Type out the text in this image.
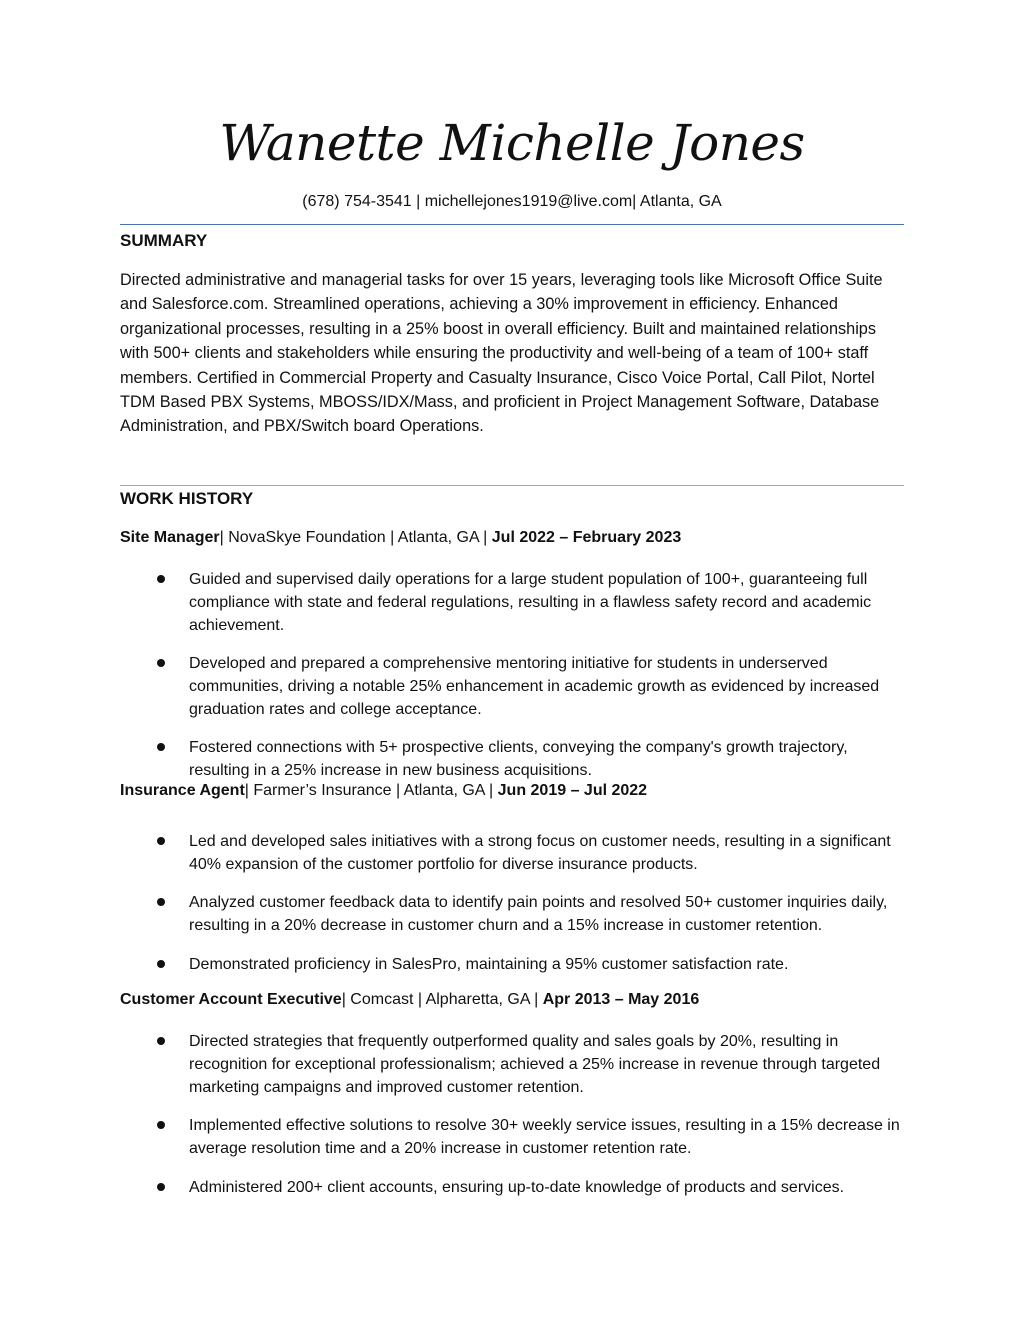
Wanette Michelle Jones
(678) 754-3541 | michellejones1919@live.com| Atlanta, GA
SUMMARY
Directed administrative and managerial tasks for over 15 years, leveraging tools like Microsoft Office Suite and Salesforce.com. Streamlined operations, achieving a 30% improvement in efficiency. Enhanced organizational processes, resulting in a 25% boost in overall efficiency. Built and maintained relationships with 500+ clients and stakeholders while ensuring the productivity and well-being of a team of 100+ staff members. Certified in Commercial Property and Casualty Insurance, Cisco Voice Portal, Call Pilot, Nortel TDM Based PBX Systems, MBOSS/IDX/Mass, and proficient in Project Management Software, Database Administration, and PBX/Switch board Operations.
WORK HISTORY
Site Manager| NovaSkye Foundation | Atlanta, GA | Jul 2022 – February 2023
Guided and supervised daily operations for a large student population of 100+, guaranteeing full compliance with state and federal regulations, resulting in a flawless safety record and academic achievement.
Developed and prepared a comprehensive mentoring initiative for students in underserved communities, driving a notable 25% enhancement in academic growth as evidenced by increased graduation rates and college acceptance.
Fostered connections with 5+ prospective clients, conveying the company's growth trajectory, resulting in a 25% increase in new business acquisitions.
Insurance Agent| Farmer’s Insurance | Atlanta, GA | Jun 2019 – Jul 2022
Led and developed sales initiatives with a strong focus on customer needs, resulting in a significant 40% expansion of the customer portfolio for diverse insurance products.
Analyzed customer feedback data to identify pain points and resolved 50+ customer inquiries daily, resulting in a 20% decrease in customer churn and a 15% increase in customer retention.
Demonstrated proficiency in SalesPro, maintaining a 95% customer satisfaction rate.
Customer Account Executive| Comcast | Alpharetta, GA | Apr 2013 – May 2016
Directed strategies that frequently outperformed quality and sales goals by 20%, resulting in recognition for exceptional professionalism; achieved a 25% increase in revenue through targeted marketing campaigns and improved customer retention.
Implemented effective solutions to resolve 30+ weekly service issues, resulting in a 15% decrease in average resolution time and a 20% increase in customer retention rate.
Administered 200+ client accounts, ensuring up-to-date knowledge of products and services.
